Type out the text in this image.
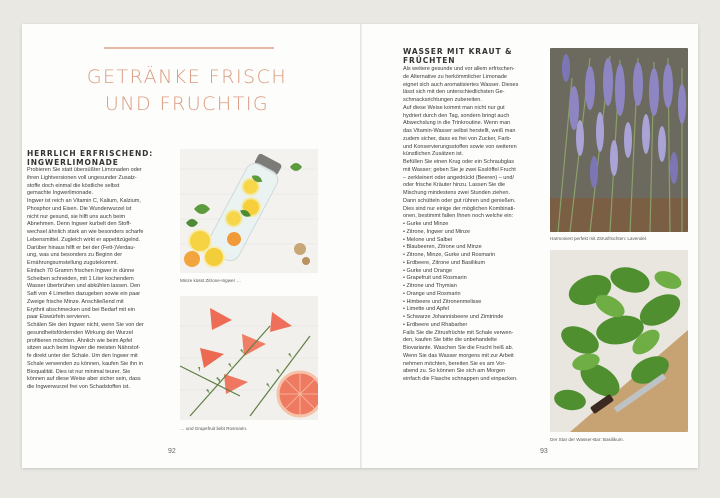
GETRÄNKE FRISCH
UND FRUCHTIG
HERRLICH ERFRISCHEND:
INGWERLIMONADE
Probieren Sie statt übersüßter Limonaden oder
ihren Lightversionen voll ungesunder Zusatz-
stoffe doch einmal die köstliche selbst
gemachte Ingwerlimonade.
Ingwer ist reich an Vitamin C, Kalium, Kalzium,
Phosphor und Eisen. Die Wunderwurzel ist
nicht nur gesund, sie hilft uns auch beim
Abnehmen. Denn Ingwer kurbelt den Stoff-
wechsel ähnlich stark an wie besonders scharfe
Lebensmittel. Zugleich wirkt er appetitzügelnd.
Darüber hinaus hilft er bei der (Fett-)Verdau-
ung, was uns besonders zu Beginn der
Ernährungsumstellung zugutekommt.
Einfach 70 Gramm frischen Ingwer in dünne
Scheiben schneiden, mit 1 Liter kochendem
Wasser überbrühen und abkühlen lassen. Den
Saft von 4 Limetten dazugeben sowie ein paar
Zweige frische Minze. Anschließend mit
Erythrit abschmecken und bei Bedarf mit ein
paar Eiswürfeln servieren.
Schälen Sie den Ingwer nicht, wenn Sie von der
gesundheitsfördernden Wirkung der Wurzel
profitieren möchten. Ähnlich wie beim Apfel
sitzen auch beim Ingwer die meisten Nährstof-
fe direkt unter der Schale. Um den Ingwer mit
Schale verwenden zu können, kaufen Sie ihn in
Bioqualität. Dies ist nur minimal teurer. Sie
können auf diese Weise aber sicher sein, dass
die Ingwerwurzel frei von Schadstoffen ist.
Minze küsst Zitrone-Ingwer …
… und Grapefruit liebt Rosmarin.
92
WASSER MIT KRAUT &
FRÜCHTEN
Als weitere gesunde und vor allem erfrischen-
de Alternative zu herkömmlicher Limonade
eignet sich auch aromatisiertes Wasser. Dieses
lässt sich mit den unterschiedlichsten Ge-
schmacksrichtungen zubereiten.
Auf diese Weise kommt man nicht nur gut
hydriert durch den Tag, sondern bringt auch
Abwechslung in die Trinkroutine. Wenn man
das Vitamin-Wasser selbst herstellt, weiß man
zudem sicher, dass es frei von Zucker, Farb-
und Konservierungsstoffen sowie von weiteren
künstlichen Zusätzen ist.
Befüllen Sie einen Krug oder ein Schraubglas
mit Wasser; geben Sie je zwei Esslöffel Frucht
– zerkleinert oder angedrückt (Beeren) – und/
oder frische Kräuter hinzu. Lassen Sie die
Mischung mindestens zwei Stunden ziehen.
Dann schütteln oder gut rühren und genießen.
Dies sind nur einige der möglichen Kombinati-
onen, bestimmt fallen Ihnen noch welche ein:
• Gurke und Minze
• Zitrone, Ingwer und Minze
• Melone und Salbei
• Blaubeeren, Zitrone und Minze
• Zitrone, Minze, Gurke und Rosmarin
• Erdbeere, Zitrone und Basilikum
• Gurke und Orange
• Grapefruit und Rosmarin
• Zitrone und Thymian
• Orange und Rosmarin
• Himbeere und Zitronenmelisse
• Limette und Apfel
• Schwarze Johannisbeere und Zimtrinde
• Erdbeere und Rhabarber
Falls Sie die Zitrusfrüchte mit Schale verwen-
den, kaufen Sie bitte die unbehandelte
Biovariante. Waschen Sie die Frucht heiß ab.
Wenn Sie das Wasser morgens mit zur Arbeit
nehmen möchten, bereiten Sie es am Vor-
abend zu. So können Sie sich am Morgen
einfach die Flasche schnappen und einpacken.
Harmoniert perfekt mit Zitrusfrüchten: Lavendel.
Der Star der Wasser-Bar: Basilikum.
93
